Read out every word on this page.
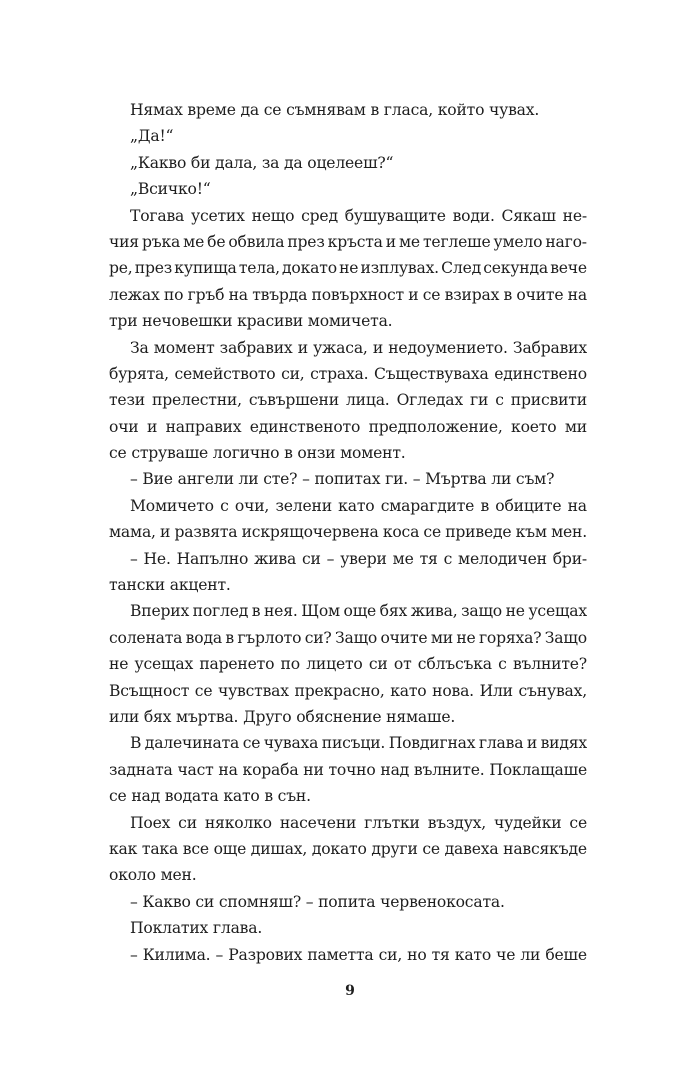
Нямах време да се съмнявам в гласа, който чувах.
„Да!“
„Какво би дала, за да оцелееш?“
„Всичко!“
Тогава усетих нещо сред бушуващите води. Сякаш не-
чия ръка ме бе обвила през кръста и ме теглеше умело наго-
ре, през купища тела, докато не изплувах. След секунда вече
лежах по гръб на твърда повърхност и се взирах в очите на
три нечовешки красиви момичета.
За момент забравих и ужаса, и недоумението. Забравих
бурята, семейството си, страха. Съществуваха единствено
тези прелестни, съвършени лица. Огледах ги с присвити
очи и направих единственото предположение, което ми
се струваше логично в онзи момент.
– Вие ангели ли сте? – попитах ги. – Мъртва ли съм?
Момичето с очи, зелени като смарагдите в обиците на
мама, и развята искрящочервена коса се приведе към мен.
– Не. Напълно жива си – увери ме тя с мелодичен бри-
тански акцент.
Вперих поглед в нея. Щом още бях жива, защо не усещах
солената вода в гърлото си? Защо очите ми не горяха? Защо
не усещах паренето по лицето си от сблъсъка с вълните?
Всъщност се чувствах прекрасно, като нова. Или сънувах,
или бях мъртва. Друго обяснение нямаше.
В далечината се чуваха писъци. Повдигнах глава и видях
задната част на кораба ни точно над вълните. Поклащаше
се над водата като в сън.
Поех си няколко насечени глътки въздух, чудейки се
как така все още дишах, докато други се давеха навсякъде
около мен.
– Какво си спомняш? – попита червенокосата.
Поклатих глава.
– Килима. – Разрових паметта си, но тя като че ли беше
9
